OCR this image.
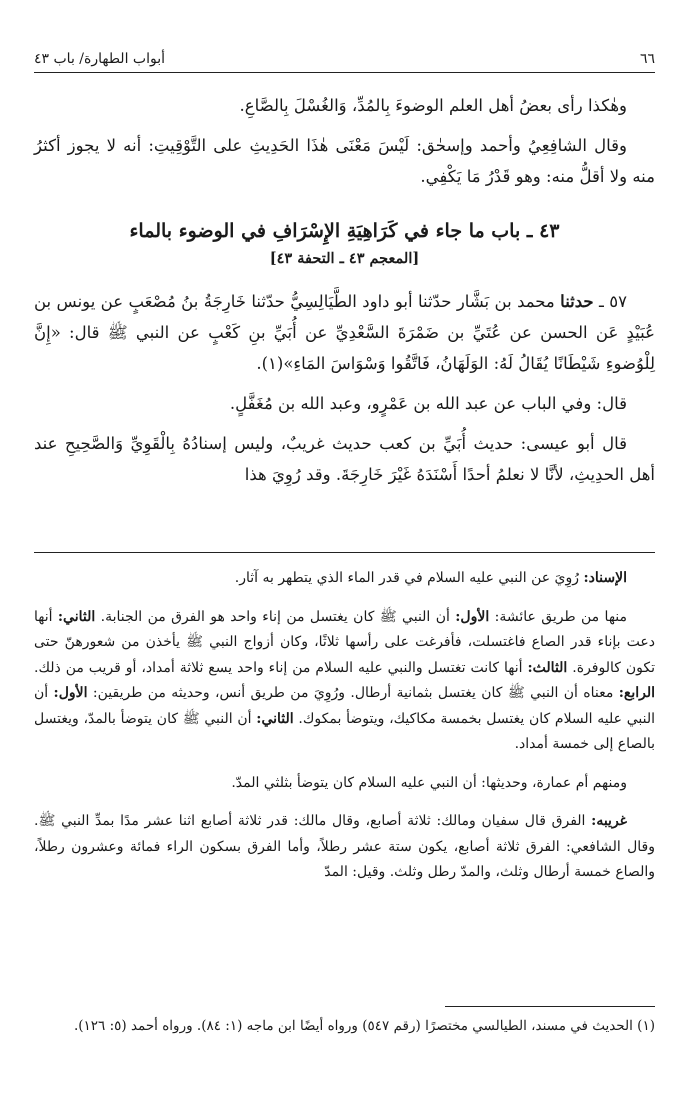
٦٦
أبواب الطهارة/ باب ٤٣

وهٰكذا رأى بعضُ أهل العلم الوضوءَ بِالمُدِّ، وَالغُسْلَ بِالصَّاعِ.

وقال الشافِعِيُ وأحمد وإسحٰق: لَيْسَ مَعْنَى هٰذَا الحَدِيثِ على التَّوْقِيتِ: أنه لا يجوز أكثرُ منه ولا أقلُّ منه: وهو قَدْرُ مَا يَكْفِي.

٤٣ ـ باب ما جاء في كَرَاهِيَةِ الإِسْرَافِ في الوضوء بالماء
[المعجم ٤٣ ـ التحفة ٤٣]

٥٧ ـ حدثنا محمد بن بَشَّار حدّثنا أبو داود الطَّيَالِسِيُّ حدّثنا خَارِجَةُ بنُ مُصْعَبٍ عن يونس بن عُبَيْدٍ عَن الحسن عن عُتَيِّ بن ضَمْرَةَ السَّعْدِيِّ عن أُبَيِّ بنِ كَعْبٍ عن النبي ﷺ قال: «إِنَّ لِلْوُضوءِ شَيْطَانًا يُقَالُ لَهُ: الوَلَهَانُ، فَاتَّقُوا وَسْوَاسَ المَاءِ»(١).

قال: وفي الباب عن عبد الله بن عَمْرٍو، وعبد الله بن مُغَفَّلٍ.

قال أبو عيسى: حديث أُبَيِّ بن كعب حديث غريبٌ، وليس إسنادُهُ بِالْقَوِيِّ وَالصَّحِيحِ عند أهل الحدِيثِ، لأنَّا لا نعلمُ أحدًا أَسْنَدَهُ غَيْرَ خَارِجَةَ. وقد رُوِيَ هذا

الإسناد: رُوِيَ عن النبي عليه السلام في قدر الماء الذي يتطهر به آثار.

منها من طريق عائشة: الأول: أن النبي ﷺ كان يغتسل من إناء واحد هو الفرق من الجنابة. الثاني: أنها دعت بإناء قدر الصاع فاغتسلت، فأفرغت على رأسها ثلاثًا، وكان أزواج النبي ﷺ يأخذن من شعورهنّ حتى تكون كالوفرة. الثالث: أنها كانت تغتسل والنبي عليه السلام من إناء واحد يسع ثلاثة أمداد، أو قريب من ذلك. الرابع: معناه أن النبي ﷺ كان يغتسل بثمانية أرطال. ورُوِيَ من طريق أنس، وحديثه من طريقين: الأول: أن النبي عليه السلام كان يغتسل بخمسة مكاكيك، ويتوضأ بمكوك. الثاني: أن النبي ﷺ كان يتوضأ بالمدّ، ويغتسل بالصاع إلى خمسة أمداد.

ومنهم أم عمارة، وحديثها: أن النبي عليه السلام كان يتوضأ بثلثي المدّ.

غريبه: الفرق قال سفيان ومالك: ثلاثة أصابع، وقال مالك: قدر ثلاثة أصابع اثنا عشر مدًا بمدِّ النبي ﷺ. وقال الشافعي: الفرق ثلاثة أصابع، يكون ستة عشر رطلاً، وأما الفرق بسكون الراء فمائة وعشرون رطلاً، والصاع خمسة أرطال وثلث، والمدّ رطل وثلث. وقيل: المدّ

(١) الحديث في مسند، الطيالسي مختصرًا (رقم ٥٤٧) ورواه أيضًا ابن ماجه (١: ٨٤). ورواه أحمد (٥: ١٢٦).
